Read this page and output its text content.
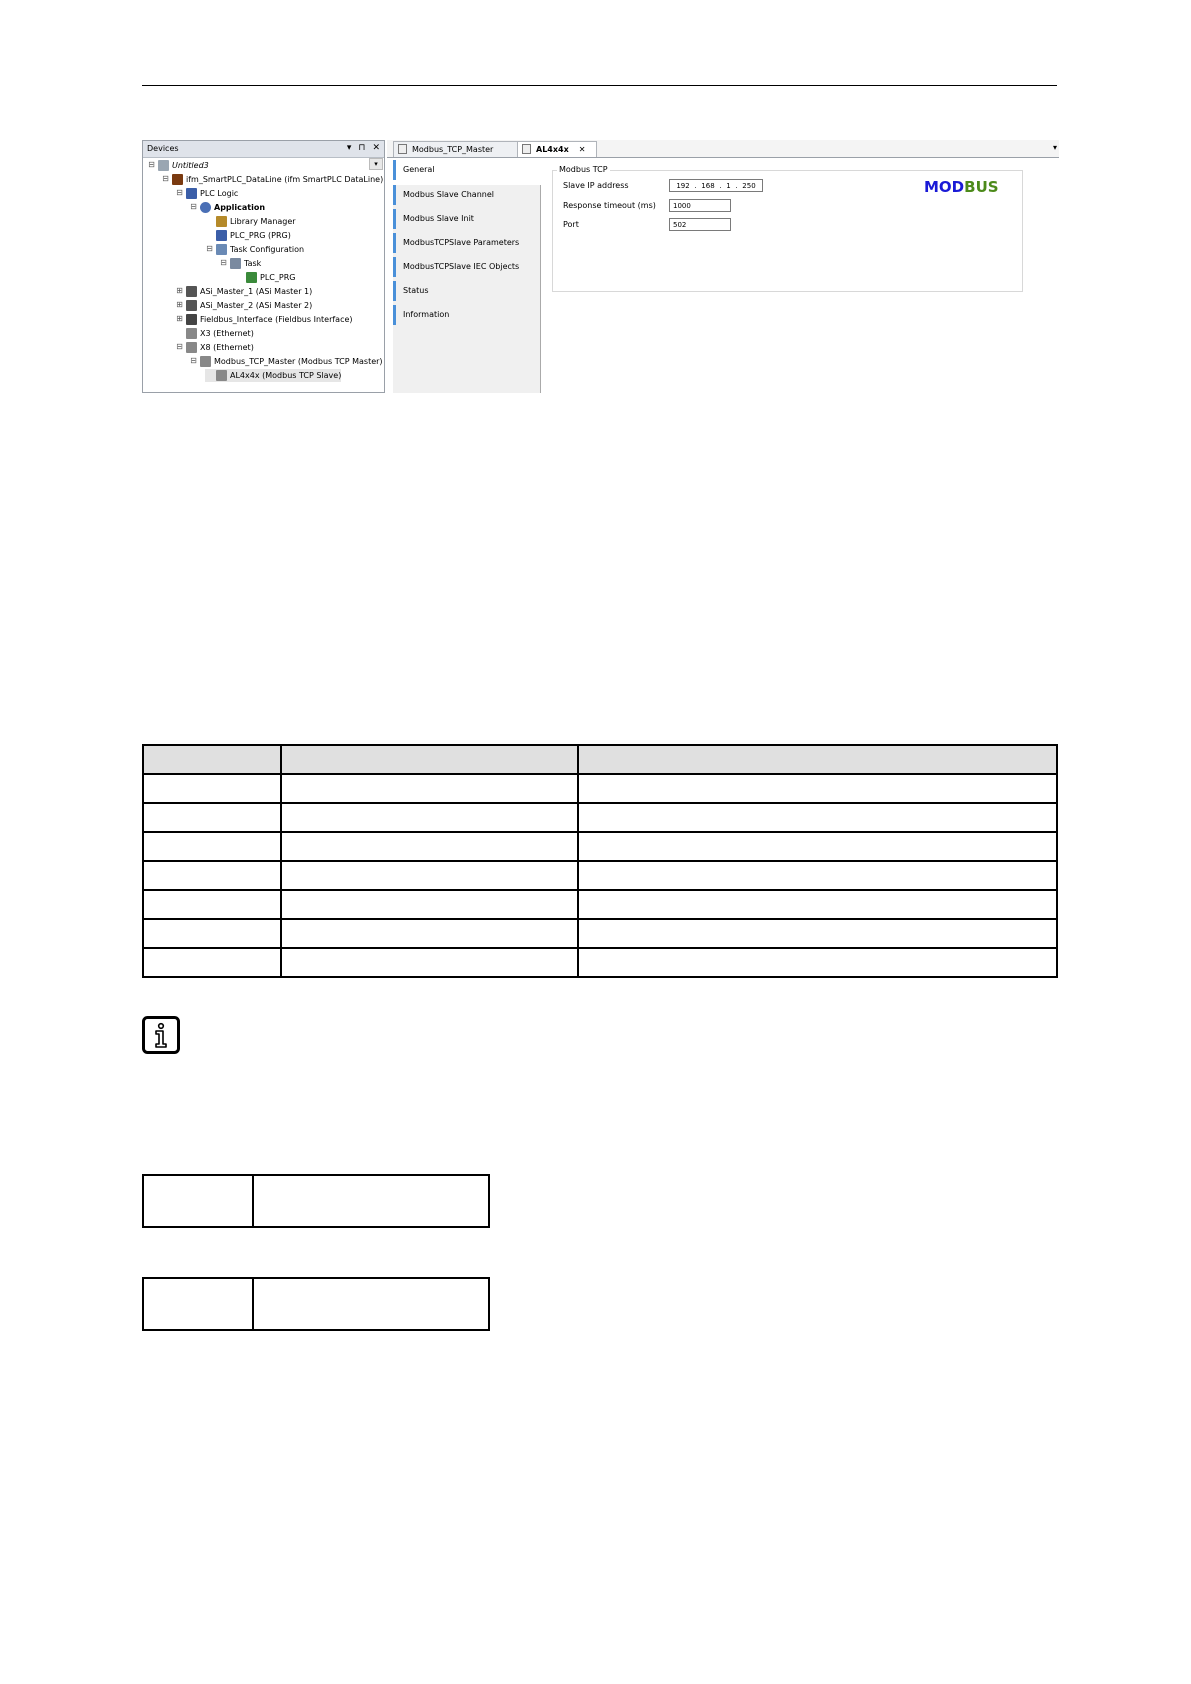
Devices	▾ ⊓ ✕
▾
⊟ Untitled3
⊟ ifm_SmartPLC_DataLine (ifm SmartPLC DataLine)
⊟ PLC Logic
⊟ Application
Library Manager
PLC_PRG (PRG)
⊟ Task Configuration
⊟ Task
PLC_PRG
⊞ ASi_Master_1 (ASi Master 1)
⊞ ASi_Master_2 (ASi Master 2)
⊞ Fieldbus_Interface (Fieldbus Interface)
X3 (Ethernet)
⊟ X8 (Ethernet)
⊟ Modbus_TCP_Master (Modbus TCP Master)
AL4x4x (Modbus TCP Slave)
Modbus_TCP_Master	AL4x4x ✕	▾
General
Modbus Slave Channel
Modbus Slave Init
ModbusTCPSlave Parameters
ModbusTCPSlave IEC Objects
Status
Information
Modbus TCP
Slave IP address	192 . 168 . 1 . 250
Response timeout (ms)	1000
Port	502
MODBUS
